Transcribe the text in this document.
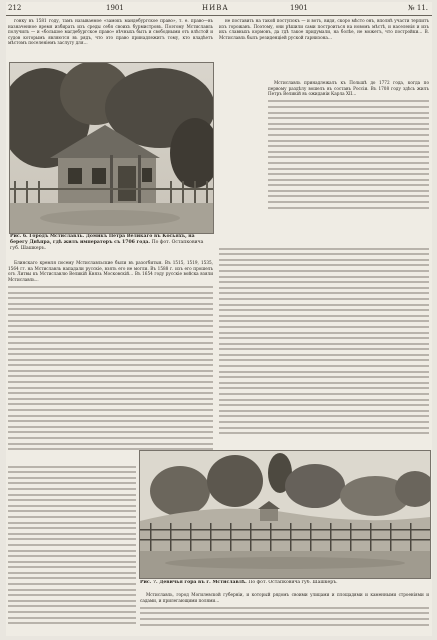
212	1901	НИВА	1901	№ 11.

гонку въ 1581 году, тамъ называемое «замокъ мандебургское право», т. е. право—въ назначенное время избирать изъ среды себя своихъ бурмистровъ. Поэтому Мстиславль получилъ — и «большое магдебургское право» вѣчныхъ быть и свободными отъ влѣстой и судов которымъ являются въ рядъ, что это право принадлежитъ тому, кто владѣетъ мѣстомъ поселеніемъ заслугу для…

Рис. 6. Городъ Мстиславль. Домикъ Петра Великаго въ Косьяхъ, на берегу Днѣпра, гдѣ жилъ императоръ съ 1706 года. По фот. Остапковича губ. Шашкеръ.

не поставить на такой поступокъ — и вотъ, видя, скоро мѣсто онъ, вполнѣ участи терпитъ изъ горожанъ. Поэтому, они рѣшили сами построиться на новомъ мѣстѣ, и населенія и изъ ихъ славныхъ кормовъ, да гдѣ такое придумали, на болѣе, не можетъ, что постройки… В. Мстиславль былъ резиденціей руской гарнизона…

Мстиславль принадлежалъ къ Польшѣ до 1772 года, когда по первому раздѣлу вошелъ въ составъ Россіи. Въ 1708 году здѣсь жилъ Петръ Великій въ ожиданіи Карла XII…

Блинскаго кремля посему Мстиславльские были въ разогбитыя. Въ 1515, 1519, 1535, 1564 гг. на Мстиславль нападали русскіе, взять его не могли. Въ 1588 г. изъ его прошелъ огъ Литвы къ Мстиславлю Великій Князь Московскій… Въ 1654 году русскіе войска взяли Мстиславль…

Рис. 7. Девичья гора въ г. Мстиславлѣ. По фот. Остапковича губ. Шашкеръ.

Мстиславль, город Могилевской губерніи, и который рядомъ своими улицами и площадями и каменными строеніями и садами, и прилегающими полями…
